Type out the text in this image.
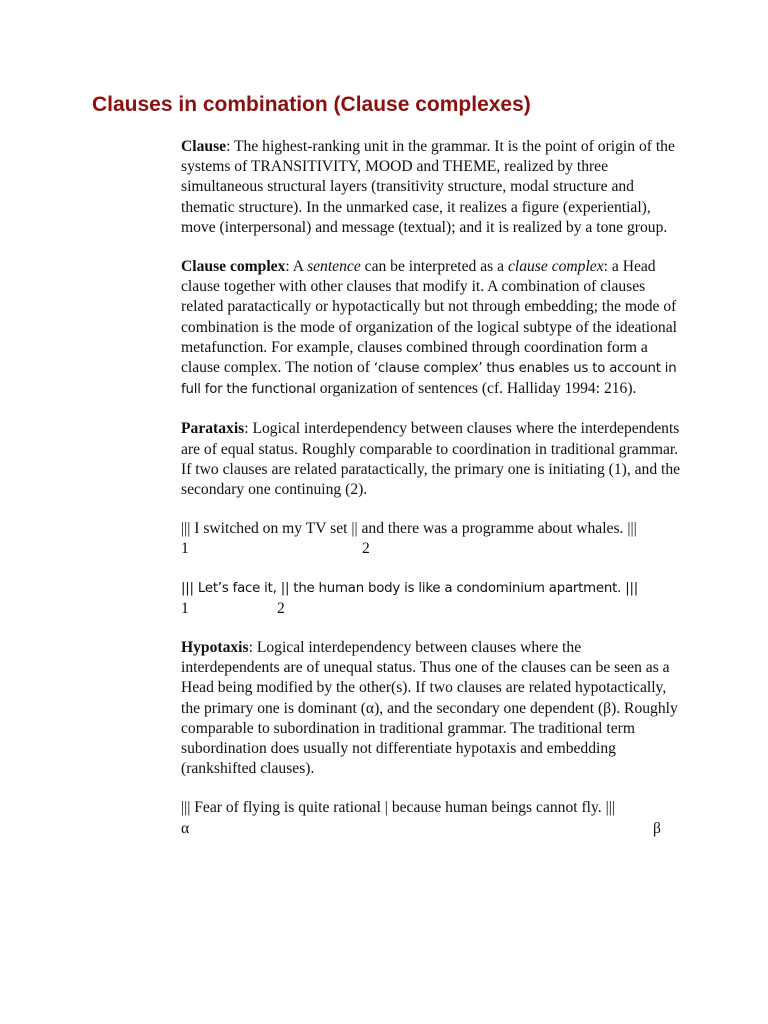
Clauses in combination (Clause complexes)

Clause: The highest-ranking unit in the grammar. It is the point of origin of the systems of TRANSITIVITY, MOOD and THEME, realized by three simultaneous structural layers (transitivity structure, modal structure and thematic structure). In the unmarked case, it realizes a figure (experiential), move (interpersonal) and message (textual); and it is realized by a tone group.

Clause complex: A sentence can be interpreted as a clause complex: a Head clause together with other clauses that modify it. A combination of clauses related paratactically or hypotactically but not through embedding; the mode of combination is the mode of organization of the logical subtype of the ideational metafunction. For example, clauses combined through coordination form a clause complex. The notion of ‘clause complex’ thus enables us to account in full for the functional organization of sentences (cf. Halliday 1994: 216).

Parataxis: Logical interdependency between clauses where the interdependents are of equal status. Roughly comparable to coordination in traditional grammar. If two clauses are related paratactically, the primary one is initiating (1), and the secondary one continuing (2).

||| I switched on my TV set || and there was a programme about whales. |||

1	2

||| Let’s face it, || the human body is like a condominium apartment. |||

1	2

Hypotaxis: Logical interdependency between clauses where the interdependents are of unequal status. Thus one of the clauses can be seen as a Head being modified by the other(s). If two clauses are related hypotactically, the primary one is dominant (α), and the secondary one dependent (β). Roughly comparable to subordination in traditional grammar. The traditional term subordination does usually not differentiate hypotaxis and embedding (rankshifted clauses).

||| Fear of flying is quite rational | because human beings cannot fly. |||

α	β
